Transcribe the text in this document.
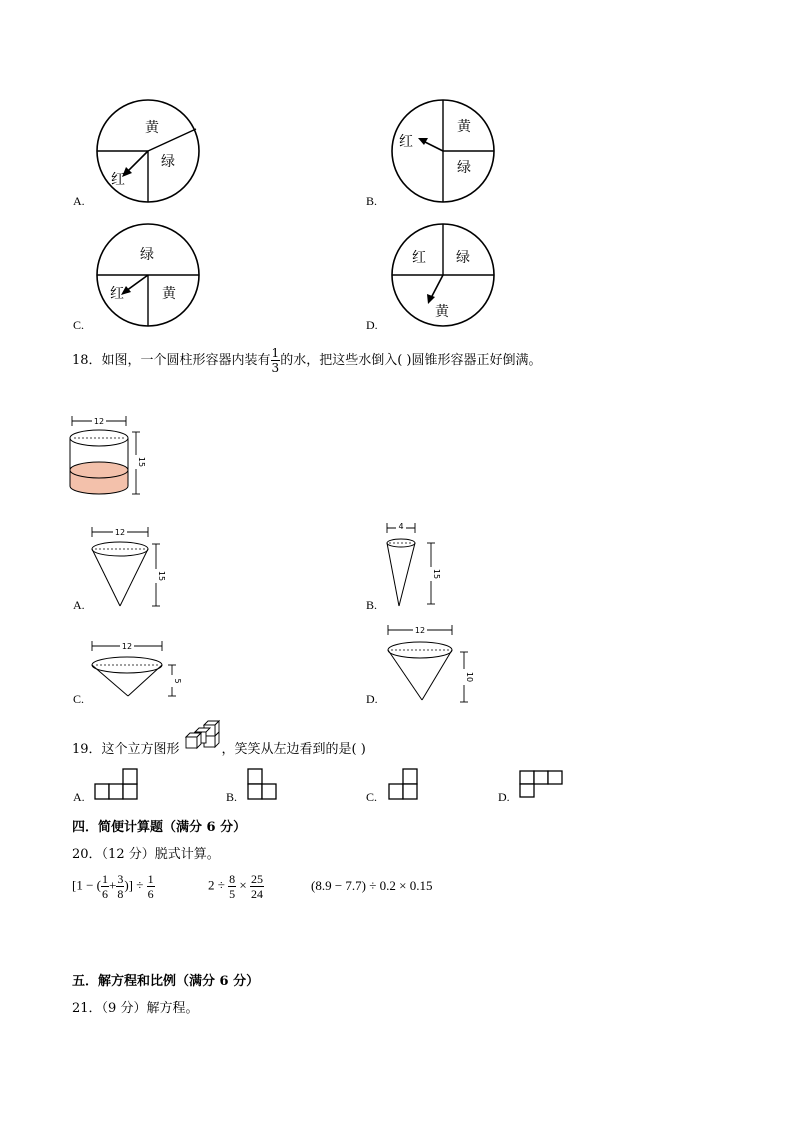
黄
绿
红
A.
红
黄
绿
B.
绿
红	黄
C.
红 绿
黄
D.
18．如图，一个圆柱形容器内装有 $\frac{1}{3}$ 的水，把这些水倒入( )圆锥形容器正好倒满。
12
15
12
15
A.
4
15
B.
12
5
C.
12
10
D.
19．这个立方图形	，笑笑从左边看到的是( )
A.	B.	C.	D.
四．简便计算题（满分 6 分）
20．（12 分）脱式计算。
[1 − ( $\frac{1}{6} + \frac{3}{8}$ )] ÷ $\frac{1}{6}$	$2 \div \frac{8}{5} \times \frac{25}{24}$	(8.9 − 7.7) ÷ 0.2 × 0.15
五．解方程和比例（满分 6 分）
21．（9 分）解方程。
